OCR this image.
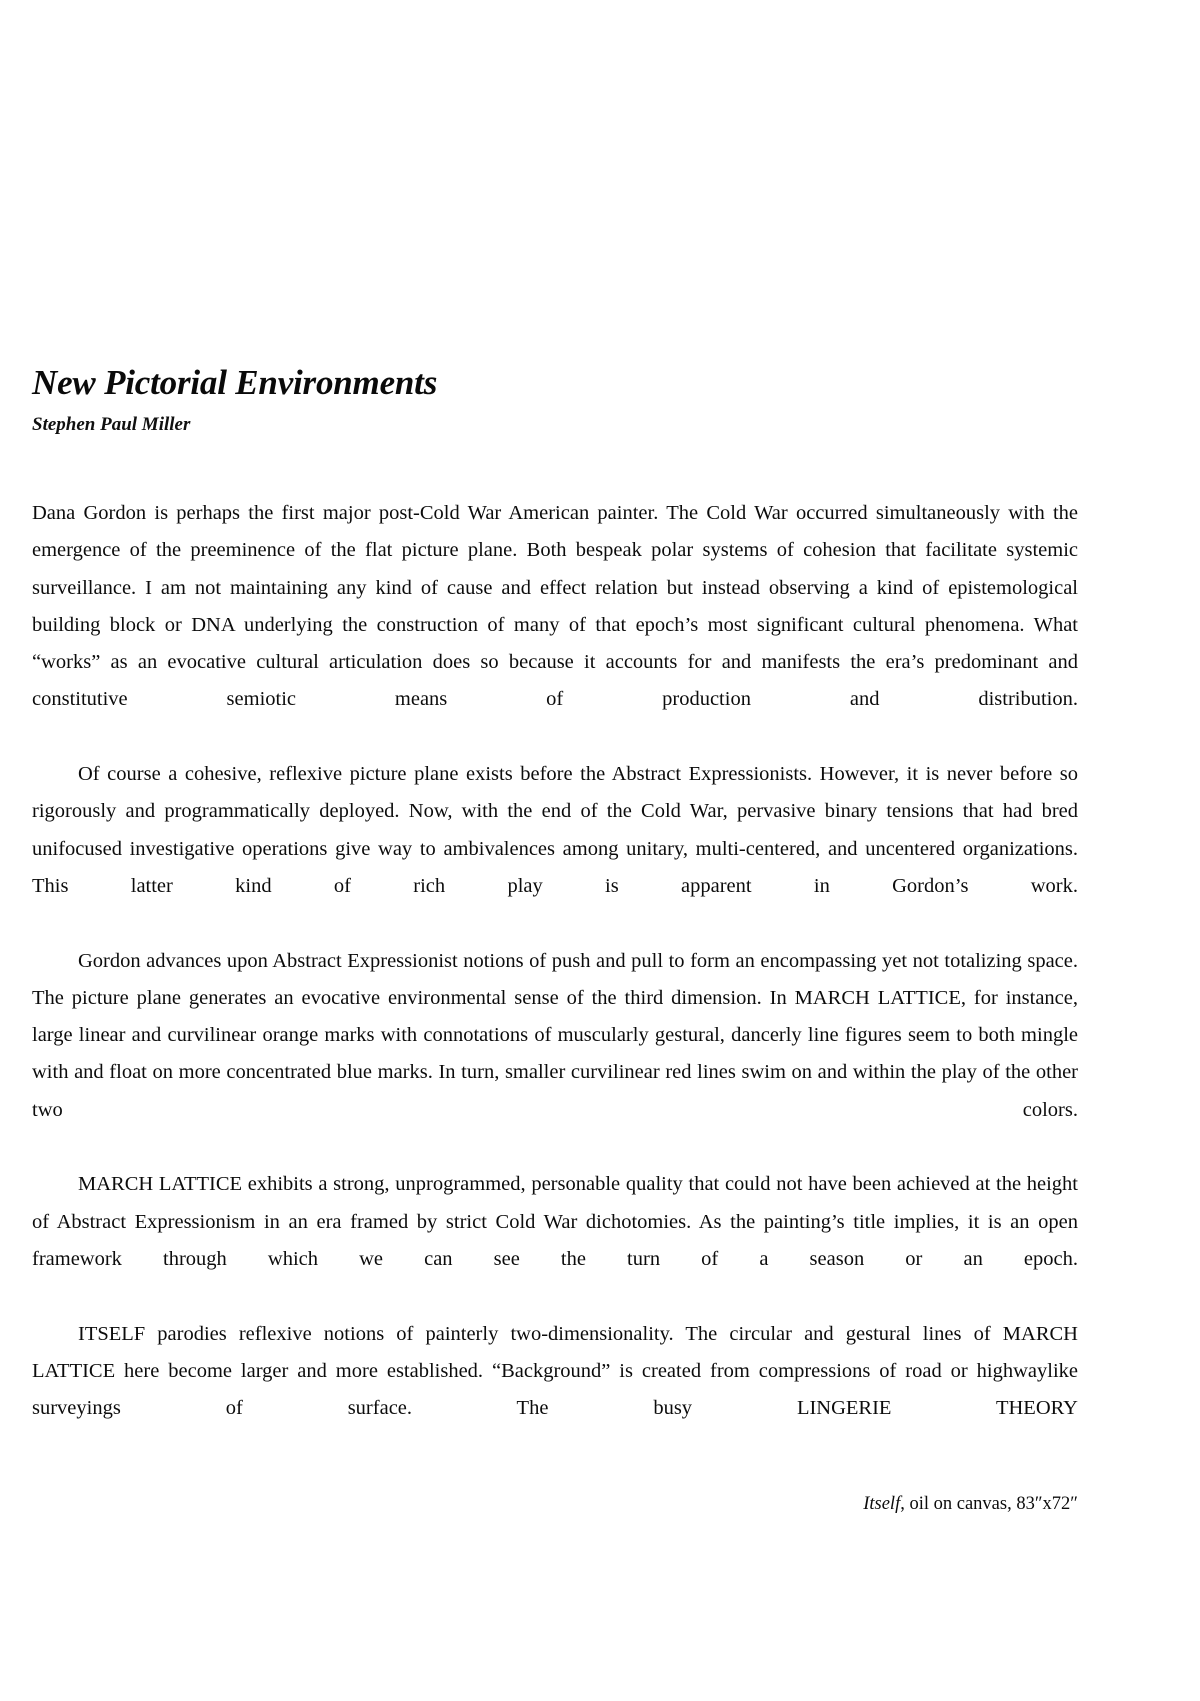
New Pictorial Environments
Stephen Paul Miller

Dana Gordon is perhaps the first major post-Cold War American painter. The Cold War occurred simultaneously with the emergence of the preeminence of the flat picture plane. Both bespeak polar systems of cohesion that facilitate systemic surveillance. I am not maintaining any kind of cause and effect relation but instead observing a kind of epistemological building block or DNA underlying the construction of many of that epoch’s most significant cultural phenomena. What “works” as an evocative cultural articulation does so because it accounts for and manifests the era’s predominant and constitutive semiotic means of production and distribution.

Of course a cohesive, reflexive picture plane exists before the Abstract Expressionists. However, it is never before so rigorously and programmatically deployed. Now, with the end of the Cold War, pervasive binary tensions that had bred unifocused investigative operations give way to ambivalences among unitary, multi-centered, and uncentered organizations. This latter kind of rich play is apparent in Gordon’s work.

Gordon advances upon Abstract Expressionist notions of push and pull to form an encompassing yet not totalizing space. The picture plane generates an evocative environmental sense of the third dimension. In MARCH LATTICE, for instance, large linear and curvilinear orange marks with connotations of muscularly gestural, dancerly line figures seem to both mingle with and float on more concentrated blue marks. In turn, smaller curvilinear red lines swim on and within the play of the other two colors.

MARCH LATTICE exhibits a strong, unprogrammed, personable quality that could not have been achieved at the height of Abstract Expressionism in an era framed by strict Cold War dichotomies. As the painting’s title implies, it is an open framework through which we can see the turn of a season or an epoch.

ITSELF parodies reflexive notions of painterly two-dimensionality. The circular and gestural lines of MARCH LATTICE here become larger and more established. “Background” is created from compressions of road or highwaylike surveyings of surface. The busy LINGERIE THEORY

Itself, oil on canvas, 83″x72″
